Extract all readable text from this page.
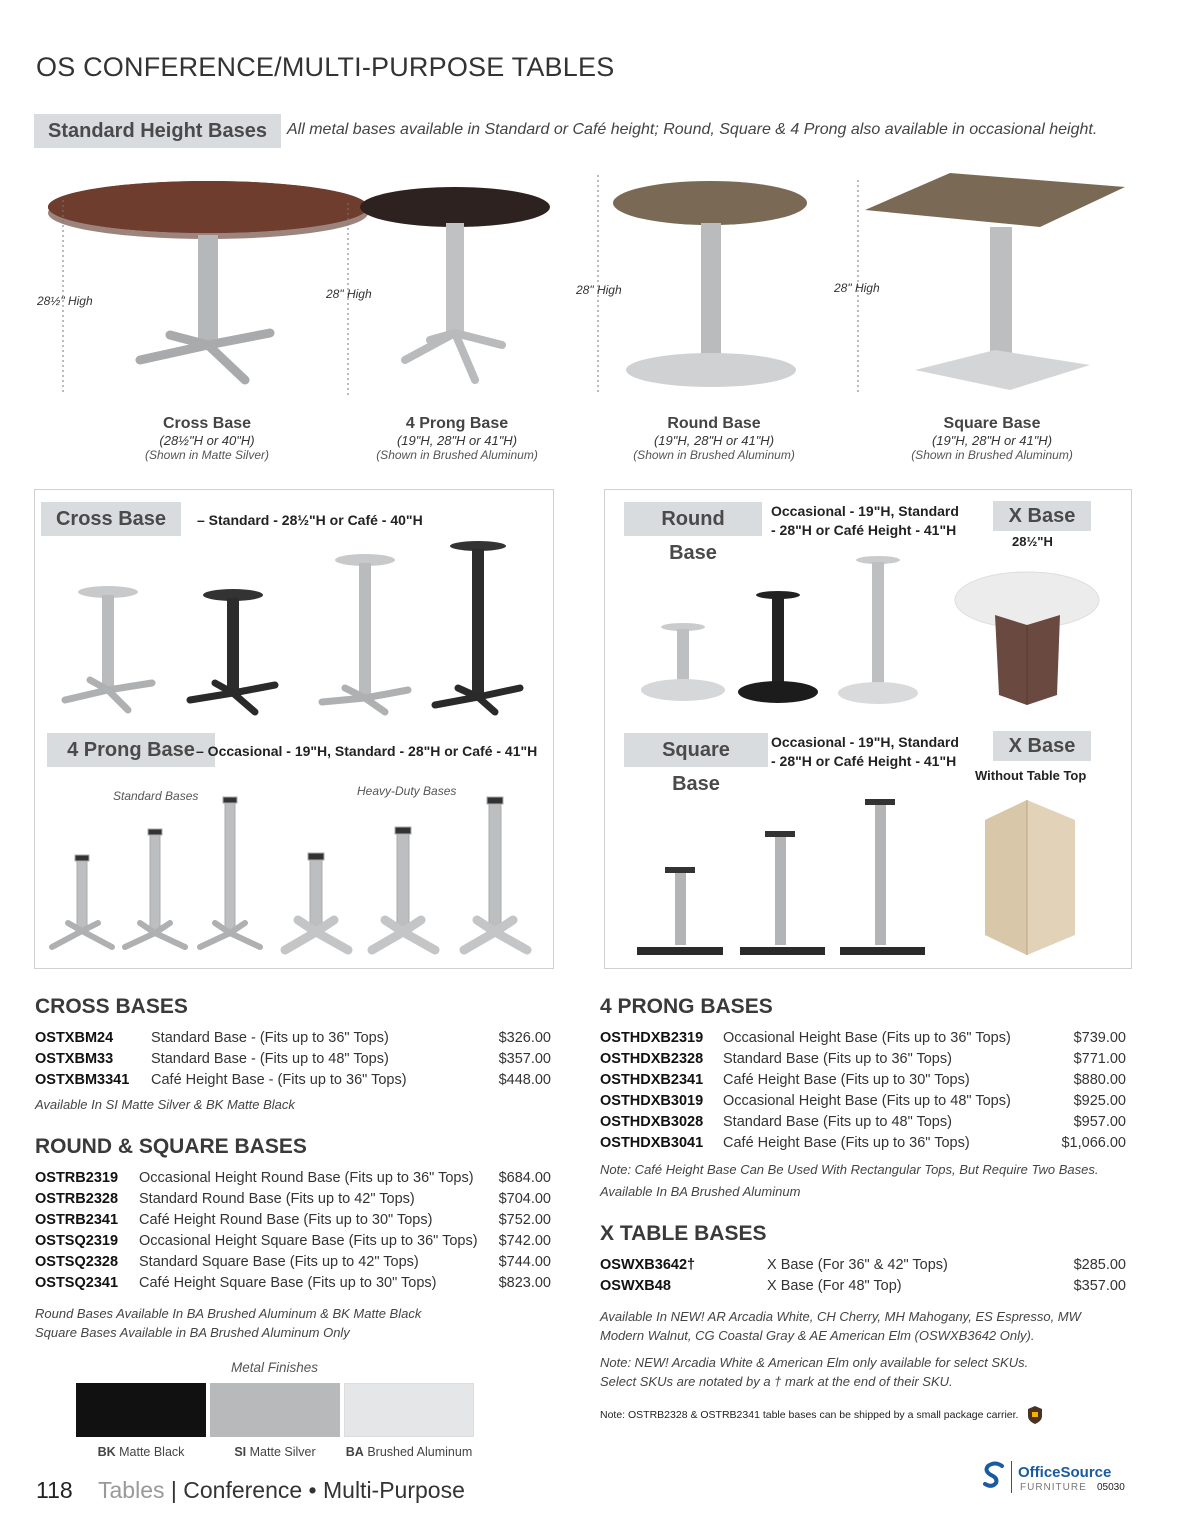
OS CONFERENCE/MULTI-PURPOSE TABLES
Standard Height Bases	All metal bases available in Standard or Café height; Round, Square & 4 Prong also available in occasional height.
28½" High	28" High	28" High	28" High
Cross Base
(28½"H or 40"H)
(Shown in Matte Silver)
4 Prong Base
(19"H, 28"H or 41"H)
(Shown in Brushed Aluminum)
Round Base
(19"H, 28"H or 41"H)
(Shown in Brushed Aluminum)
Square Base
(19"H, 28"H or 41"H)
(Shown in Brushed Aluminum)
Cross Base	– Standard - 28½"H or Café - 40"H
4 Prong Base – Occasional - 19"H, Standard - 28"H or Café - 41"H
Standard Bases	Heavy-Duty Bases
Round Base
Occasional - 19"H, Standard
- 28"H or Café Height - 41"H
X Base
28½"H
Square Base
Occasional - 19"H, Standard
- 28"H or Café Height - 41"H
X Base
Without Table Top
CROSS BASES
OSTXBM24	Standard Base - (Fits up to 36" Tops)	$326.00
OSTXBM33	Standard Base - (Fits up to 48" Tops)	$357.00
OSTXBM3341	Café Height Base - (Fits up to 36" Tops)	$448.00
Available In SI Matte Silver & BK Matte Black
ROUND & SQUARE BASES
OSTRB2319	Occasional Height Round Base (Fits up to 36" Tops)	$684.00
OSTRB2328	Standard Round Base (Fits up to 42" Tops)	$704.00
OSTRB2341	Café Height Round Base (Fits up to 30" Tops)	$752.00
OSTSQ2319	Occasional Height Square Base (Fits up to 36" Tops)	$742.00
OSTSQ2328	Standard Square Base (Fits up to 42" Tops)	$744.00
OSTSQ2341	Café Height Square Base (Fits up to 30" Tops)	$823.00
Round Bases Available In BA Brushed Aluminum & BK Matte Black
Square Bases Available in BA Brushed Aluminum Only
Metal Finishes
BK Matte Black	SI Matte Silver	BA Brushed Aluminum
4 PRONG BASES
OSTHDXB2319	Occasional Height Base (Fits up to 36" Tops)	$739.00
OSTHDXB2328	Standard Base (Fits up to 36" Tops)	$771.00
OSTHDXB2341	Café Height Base (Fits up to 30" Tops)	$880.00
OSTHDXB3019	Occasional Height Base (Fits up to 48" Tops)	$925.00
OSTHDXB3028	Standard Base (Fits up to 48" Tops)	$957.00
OSTHDXB3041	Café Height Base (Fits up to 36" Tops)	$1,066.00
Note: Café Height Base Can Be Used With Rectangular Tops, But Require Two Bases.
Available In BA Brushed Aluminum
X TABLE BASES
OSWXB3642†	X Base (For 36" & 42" Tops)	$285.00
OSWXB48	X Base (For 48" Top)	$357.00
Available In NEW! AR Arcadia White, CH Cherry, MH Mahogany, ES Espresso, MW
Modern Walnut, CG Coastal Gray & AE American Elm (OSWXB3642 Only).
Note: NEW! Arcadia White & American Elm only available for select SKUs.
Select SKUs are notated by a † mark at the end of their SKU.
Note: OSTRB2328 & OSTRB2341 table bases can be shipped by a small package carrier.
118 Tables | Conference • Multi-Purpose
OfficeSource
FURNITURE 05030
